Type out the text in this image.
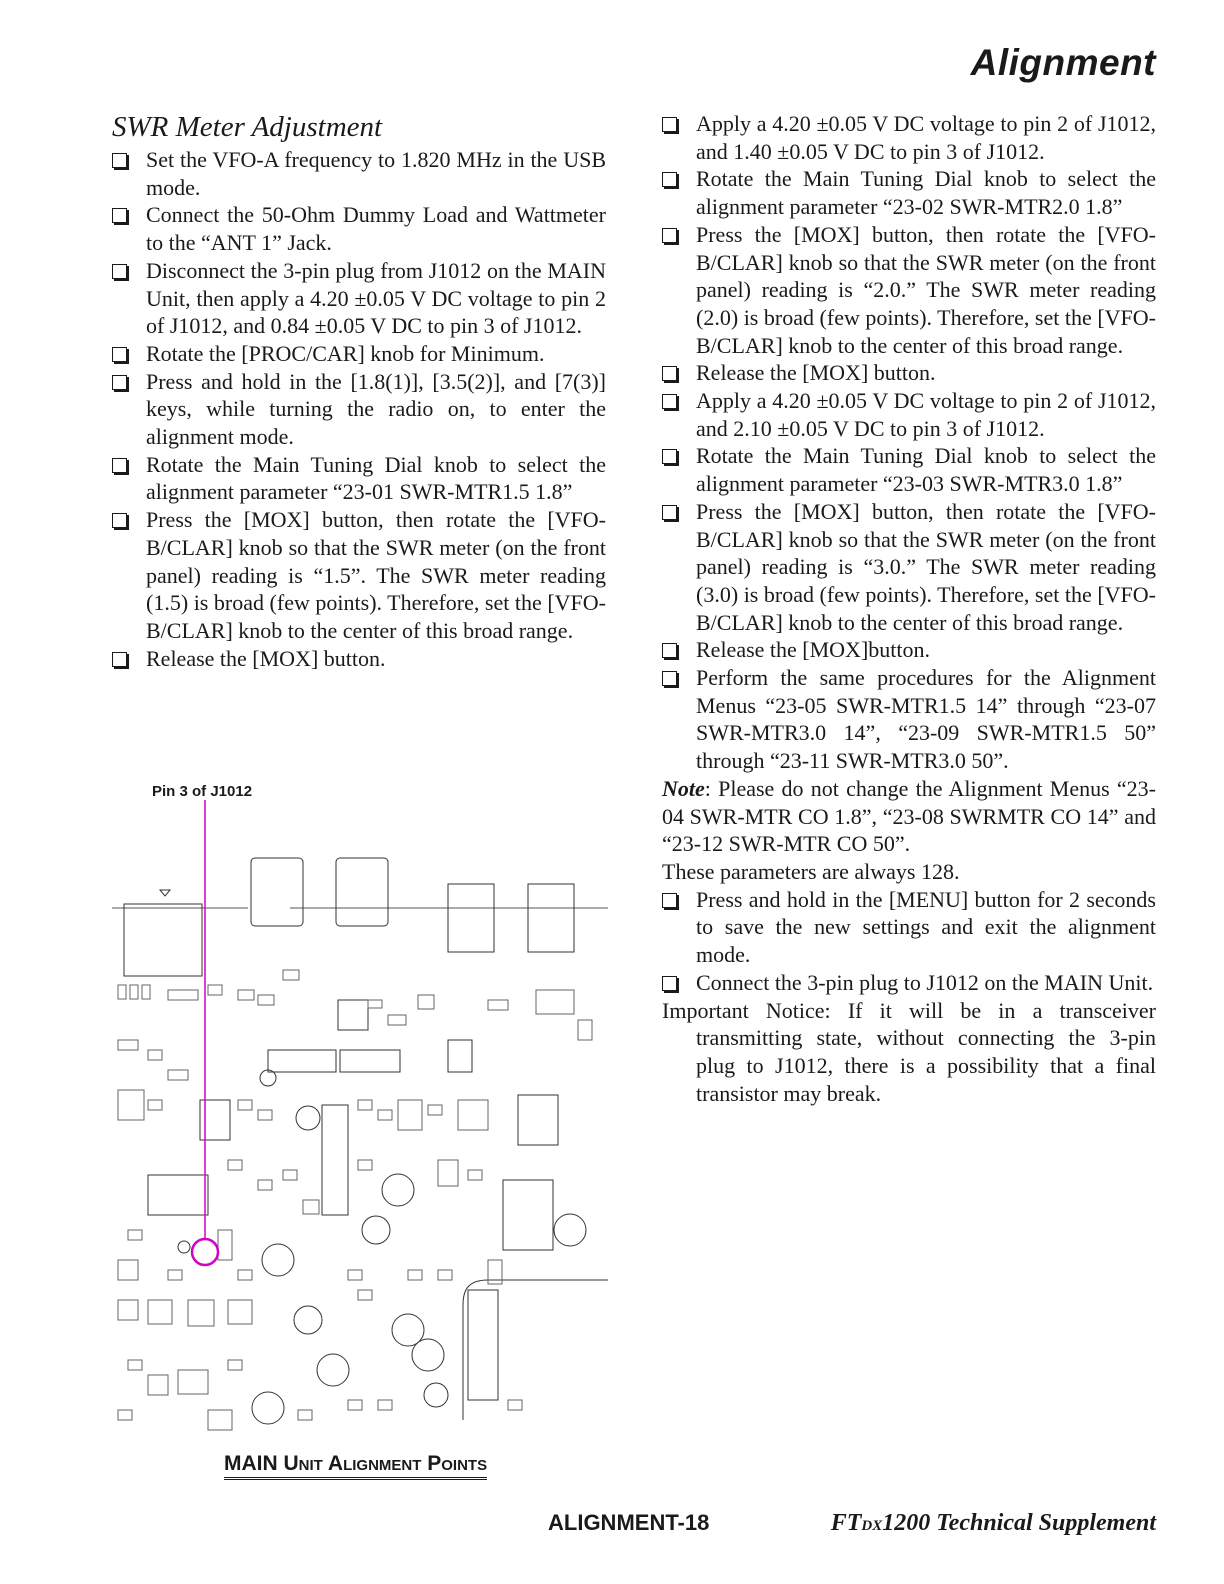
Alignment
SWR Meter Adjustment
Set the VFO-A frequency to 1.820 MHz in the USB mode.
Connect the 50-Ohm Dummy Load and Wattmeter to the “ANT 1” Jack.
Disconnect the 3-pin plug from J1012 on the MAIN Unit, then apply a 4.20 ±0.05 V DC voltage to pin 2 of J1012, and 0.84 ±0.05 V DC to pin 3 of J1012.
Rotate the [PROC/CAR] knob for Minimum.
Press and hold in the [1.8(1)], [3.5(2)], and [7(3)] keys, while turning the radio on, to enter the alignment mode.
Rotate the Main Tuning Dial knob to select the alignment parameter “23-01 SWR-MTR1.5 1.8”
Press the [MOX] button, then rotate the [VFO-B/CLAR] knob so that the SWR meter (on the front panel) reading is “1.5”. The SWR meter reading (1.5) is broad (few points). Therefore, set the [VFO-B/CLAR] knob to the center of this broad range.
Release the [MOX] button.
Apply a 4.20 ±0.05 V DC voltage to pin 2 of J1012, and 1.40 ±0.05 V DC to pin 3 of J1012.
Rotate the Main Tuning Dial knob to select the alignment parameter “23-02 SWR-MTR2.0 1.8”
Press the [MOX] button, then rotate the [VFO-B/CLAR] knob so that the SWR meter (on the front panel) reading is “2.0.” The SWR meter reading (2.0) is broad (few points). Therefore, set the [VFO-B/CLAR] knob to the center of this broad range.
Release the [MOX] button.
Apply a 4.20 ±0.05 V DC voltage to pin 2 of J1012, and 2.10 ±0.05 V DC to pin 3 of J1012.
Rotate the Main Tuning Dial knob to select the alignment parameter “23-03 SWR-MTR3.0 1.8”
Press the [MOX] button, then rotate the [VFO-B/CLAR] knob so that the SWR meter (on the front panel) reading is “3.0.” The SWR meter reading (3.0) is broad (few points). Therefore, set the [VFO-B/CLAR] knob to the center of this broad range.
Release the [MOX]button.
Perform the same procedures for the Alignment Menus “23-05 SWR-MTR1.5 14” through “23-07 SWR-MTR3.0 14”, “23-09 SWR-MTR1.5 50” through “23-11 SWR-MTR3.0 50”.
Note: Please do not change the Alignment Menus “23-04 SWR-MTR CO 1.8”, “23-08 SWRMTR CO 14” and “23-12 SWR-MTR CO 50”.
These parameters are always 128.
Press and hold in the [MENU] button for 2 seconds to save the new settings and exit the alignment mode.
Connect the 3-pin plug to J1012 on the MAIN Unit.
Important Notice: If it will be in a transceiver transmitting state, without connecting the 3-pin plug to J1012, there is a possibility that a final transistor may break.
Pin 3 of J1012
MAIN UNIT ALIGNMENT POINTS
ALIGNMENT-18	FTDX1200 Technical Supplement
